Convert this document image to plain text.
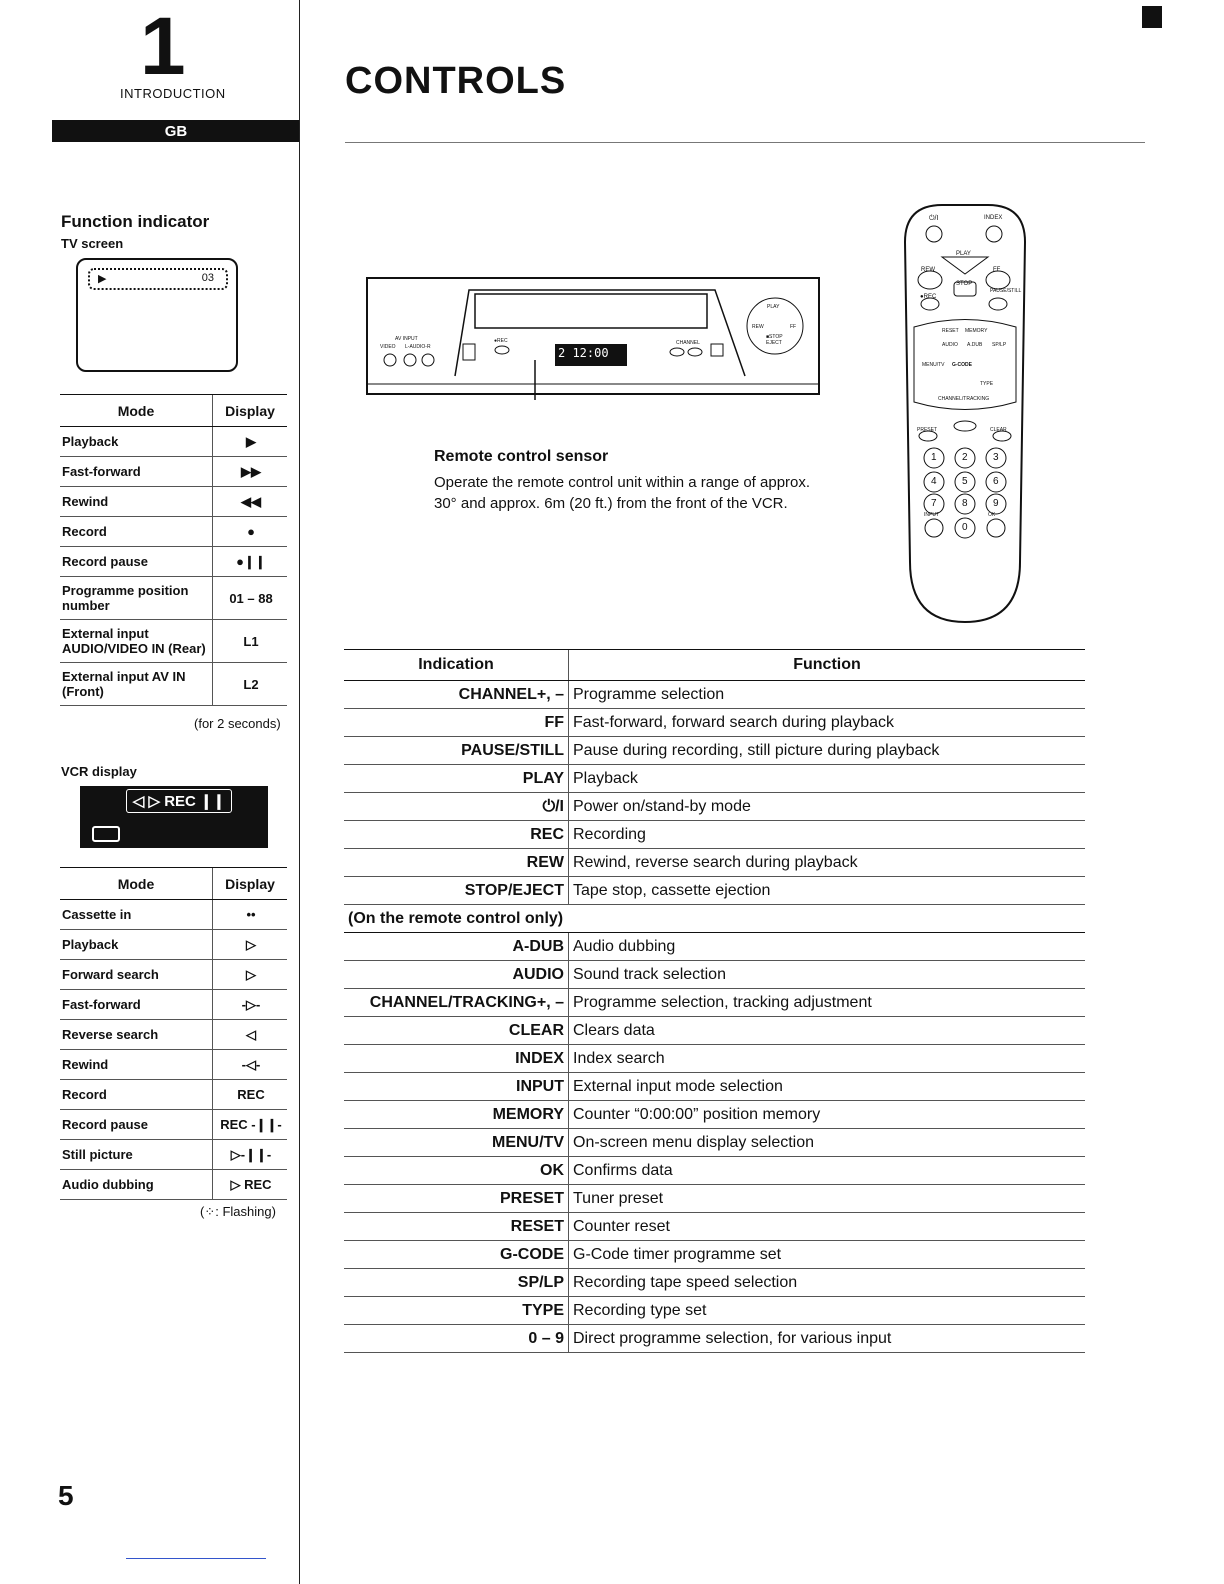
1
INTRODUCTION
GB
CONTROLS
Function indicator
TV screen
▶	03
Mode	Display
Playback	▶
Fast-forward	▶▶
Rewind	◀◀
Record	●
Record pause	●❙❙
Programme position number	01 – 88
External input AUDIO/VIDEO IN (Rear)	L1
External input AV IN (Front)	L2
(for 2 seconds)
VCR display
◁ ▷ REC ❙❙
Mode	Display
Cassette in	••
Playback	▷
Forward search	▷
Fast-forward	-▷-
Reverse search	◁
Rewind	-◁-
Record	REC
Record pause	REC -❙❙-
Still picture	▷-❙❙-
Audio dubbing	▷ REC
(⁘: Flashing)
AV INPUT
VIDEO L-AUDIO-R
●REC	CHANNEL
PLAY
REW	FF
■STOP EJECT
2 12:00
Remote control sensor
Operate the remote control unit within a range of approx. 30° and approx. 6m (20 ft.) from the front of the VCR.
⏻/I	INDEX
PLAY
REW	FF
STOP
PAUSE/STILL
●REC
RESET MEMORY
AUDIO A.DUB SP/LP
MENU/TV G-CODE
TYPE
CHANNEL/TRACKING
PRESET	CLEAR
INPUT	OK
1	2	3
4	5	6
7	8	9
0
Indication	Function
CHANNEL+, –	Programme selection
FF	Fast-forward, forward search during playback
PAUSE/STILL	Pause during recording, still picture during playback
PLAY	Playback
⏻/I	Power on/stand-by mode
REC	Recording
REW	Rewind, reverse search during playback
STOP/EJECT	Tape stop, cassette ejection
(On the remote control only)	
A-DUB	Audio dubbing
AUDIO	Sound track selection
CHANNEL/TRACKING+, –	Programme selection, tracking adjustment
CLEAR	Clears data
INDEX	Index search
INPUT	External input mode selection
MEMORY	Counter “0:00:00” position memory
MENU/TV	On-screen menu display selection
OK	Confirms data
PRESET	Tuner preset
RESET	Counter reset
G-CODE	G-Code timer programme set
SP/LP	Recording tape speed selection
TYPE	Recording type set
0 – 9	Direct programme selection, for various input
5
